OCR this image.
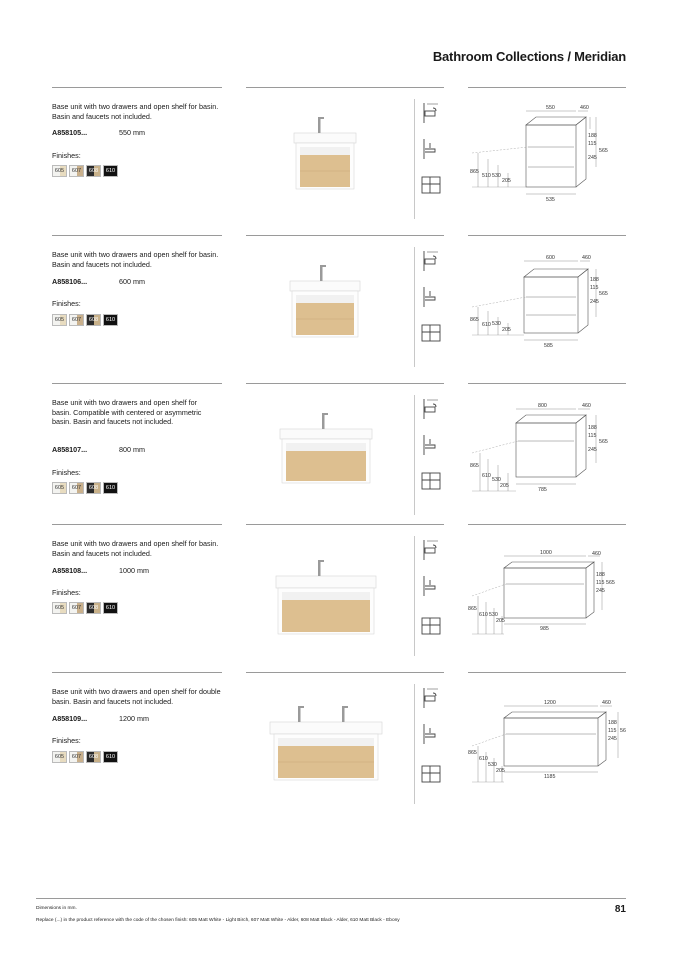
Bathroom Collections / Meridian
Base unit with two drawers and open shelf for basin. Basin and faucets not included.
A858105...	550 mm
Finishes:
605	607	608	610
550	460
188
115
565
245
865
510 530
205
535
Base unit with two drawers and open shelf for basin. Basin and faucets not included.
A858106...	600 mm
Finishes:
605	607	608	610
600	460
188
115
565
245
865
610 530
205
585
Base unit with two drawers and open shelf for basin. Compatible with centered or asymmetric basin. Basin and faucets not included.
A858107...	800 mm
Finishes:
605	607	608	610
800	460
188
115
565
245
865
610
530
205
785
Base unit with two drawers and open shelf for basin. Basin and faucets not included.
A858108...	1000 mm
Finishes:
605	607	608	610
1000	460
188
115 565
245
865
610 530
205
985
Base unit with two drawers and open shelf for double basin. Basin and faucets not included.
A858109...	1200 mm
Finishes:
605	607	608	610
1200	460
188
115 56
245
865
610
530
205
1185
Dimensions in mm.
Replace (...) in the product reference with the code of the chosen finish: 605 Matt White - Light Birch, 607 Matt White - Alder, 608 Matt Black - Alder, 610 Matt Black - Ebony
81
